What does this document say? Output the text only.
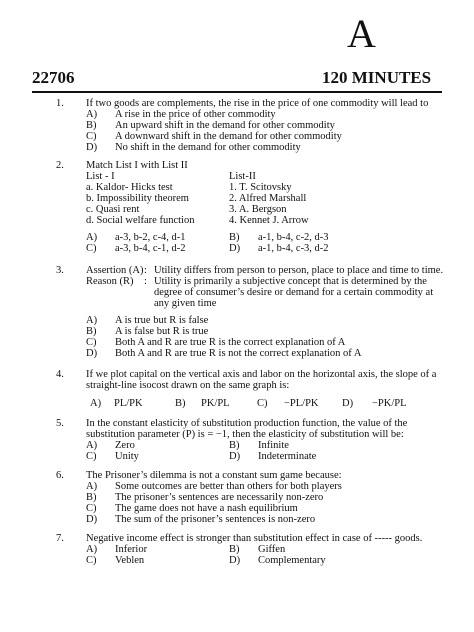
A
22706	120 MINUTES
1. If two goods are complements, the rise in the price of one commodity will lead to
A) A rise in the price of other commodity
B) An upward shift in the demand for other commodity
C) A downward shift in the demand for other commodity
D) No shift in the demand for other commodity
2. Match List I with List II
List - I	List-II
a. Kaldor- Hicks test	1. T. Scitovsky
b. Impossibility theorem	2. Alfred Marshall
c. Quasi rent	3. A. Bergson
d. Social welfare function	4. Kennet J. Arrow
A) a-3, b-2, c-4, d-1	B) a-1, b-4, c-2, d-3
C) a-3, b-4, c-1, d-2	D) a-1, b-4, c-3, d-2
3. Assertion (A) : Utility differs from person to person, place to place and time to time.
Reason (R) : Utility is primarily a subjective concept that is determined by the
degree of consumer’s desire or demand for a certain commodity at
any given time
A) A is true but R is false
B) A is false but R is true
C) Both A and R are true R is the correct explanation of A
D) Both A and R are true R is not the correct explanation of A
4. If we plot capital on the vertical axis and labor on the horizontal axis, the slope of a
straight-line isocost drawn on the same graph is:
A) PL/PK	B) PK/PL	C) −PL/PK D) −PK/PL
5. In the constant elasticity of substitution production function, the value of the
substitution parameter (P) is = −1, then the elasticity of substitution will be:
A) Zero	B) Infinite
C) Unity	D) Indeterminate
6. The Prisoner’s dilemma is not a constant sum game because:
A) Some outcomes are better than others for both players
B) The prisoner’s sentences are necessarily non-zero
C) The game does not have a nash equilibrium
D) The sum of the prisoner’s sentences is non-zero
7. Negative income effect is stronger than substitution effect in case of ----- goods.
A) Inferior	B) Giffen
C) Veblen	D) Complementary
